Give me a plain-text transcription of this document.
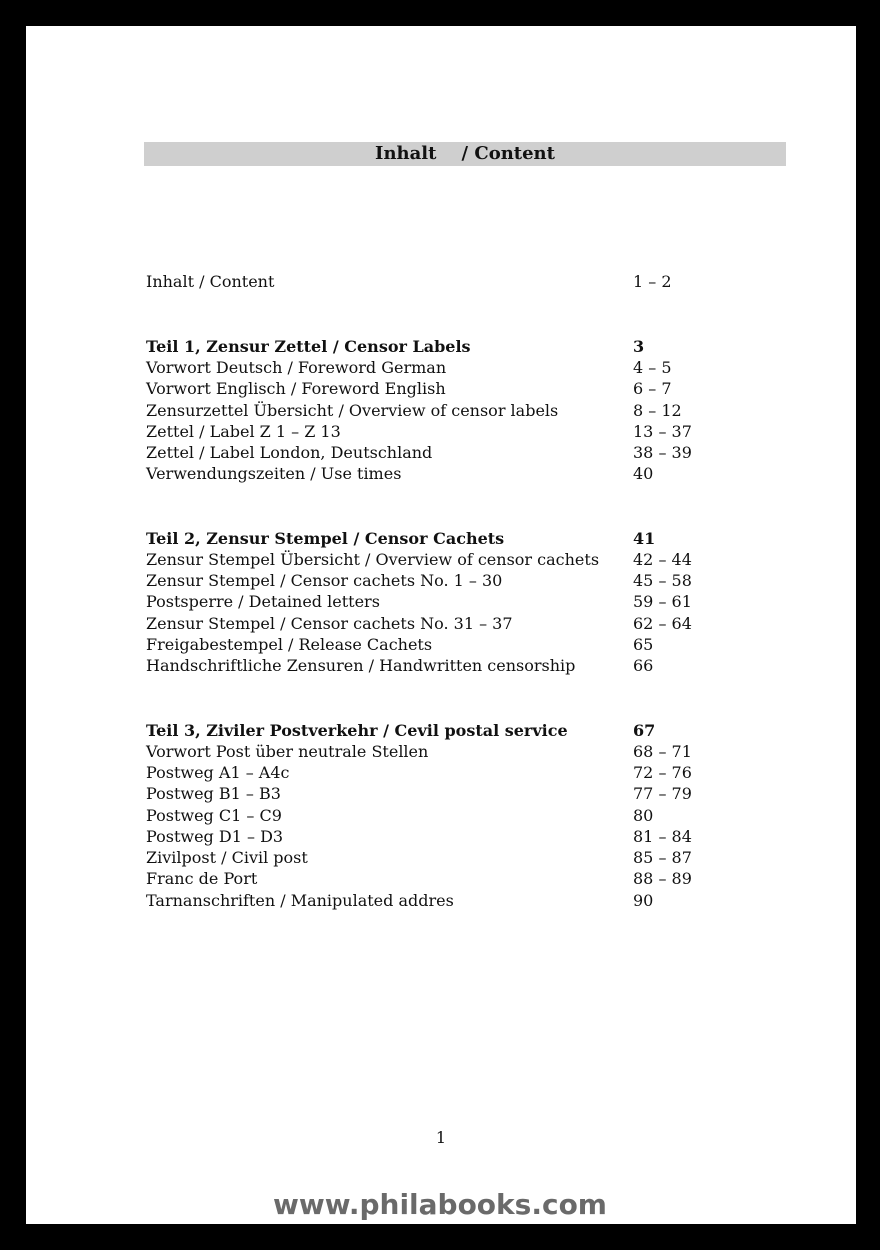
Inhalt    / Content
Inhalt / Content	1 – 2
Teil 1, Zensur Zettel / Censor Labels	3
Vorwort Deutsch / Foreword German	4 – 5
Vorwort Englisch / Foreword English	6 – 7
Zensurzettel Übersicht / Overview of censor labels	8 – 12
Zettel / Label Z 1 – Z 13	13 – 37
Zettel / Label London, Deutschland	38 – 39
Verwendungszeiten / Use times	40
Teil 2, Zensur Stempel / Censor Cachets	41
Zensur Stempel Übersicht / Overview of censor cachets 42 – 44
Zensur Stempel / Censor cachets No. 1 – 30	45 – 58
Postsperre / Detained letters	59 – 61
Zensur Stempel / Censor cachets No. 31 – 37	62 – 64
Freigabestempel / Release Cachets	65
Handschriftliche Zensuren / Handwritten censorship	66
Teil 3, Ziviler Postverkehr / Cevil postal service	67
Vorwort Post über neutrale Stellen	68 – 71
Postweg A1 – A4c	72 – 76
Postweg B1 – B3	77 – 79
Postweg C1 – C9	80
Postweg D1 – D3	81 – 84
Zivilpost / Civil post	85 – 87
Franc de Port	88 – 89
Tarnanschriften / Manipulated addres	90
1
www.philabooks.com
